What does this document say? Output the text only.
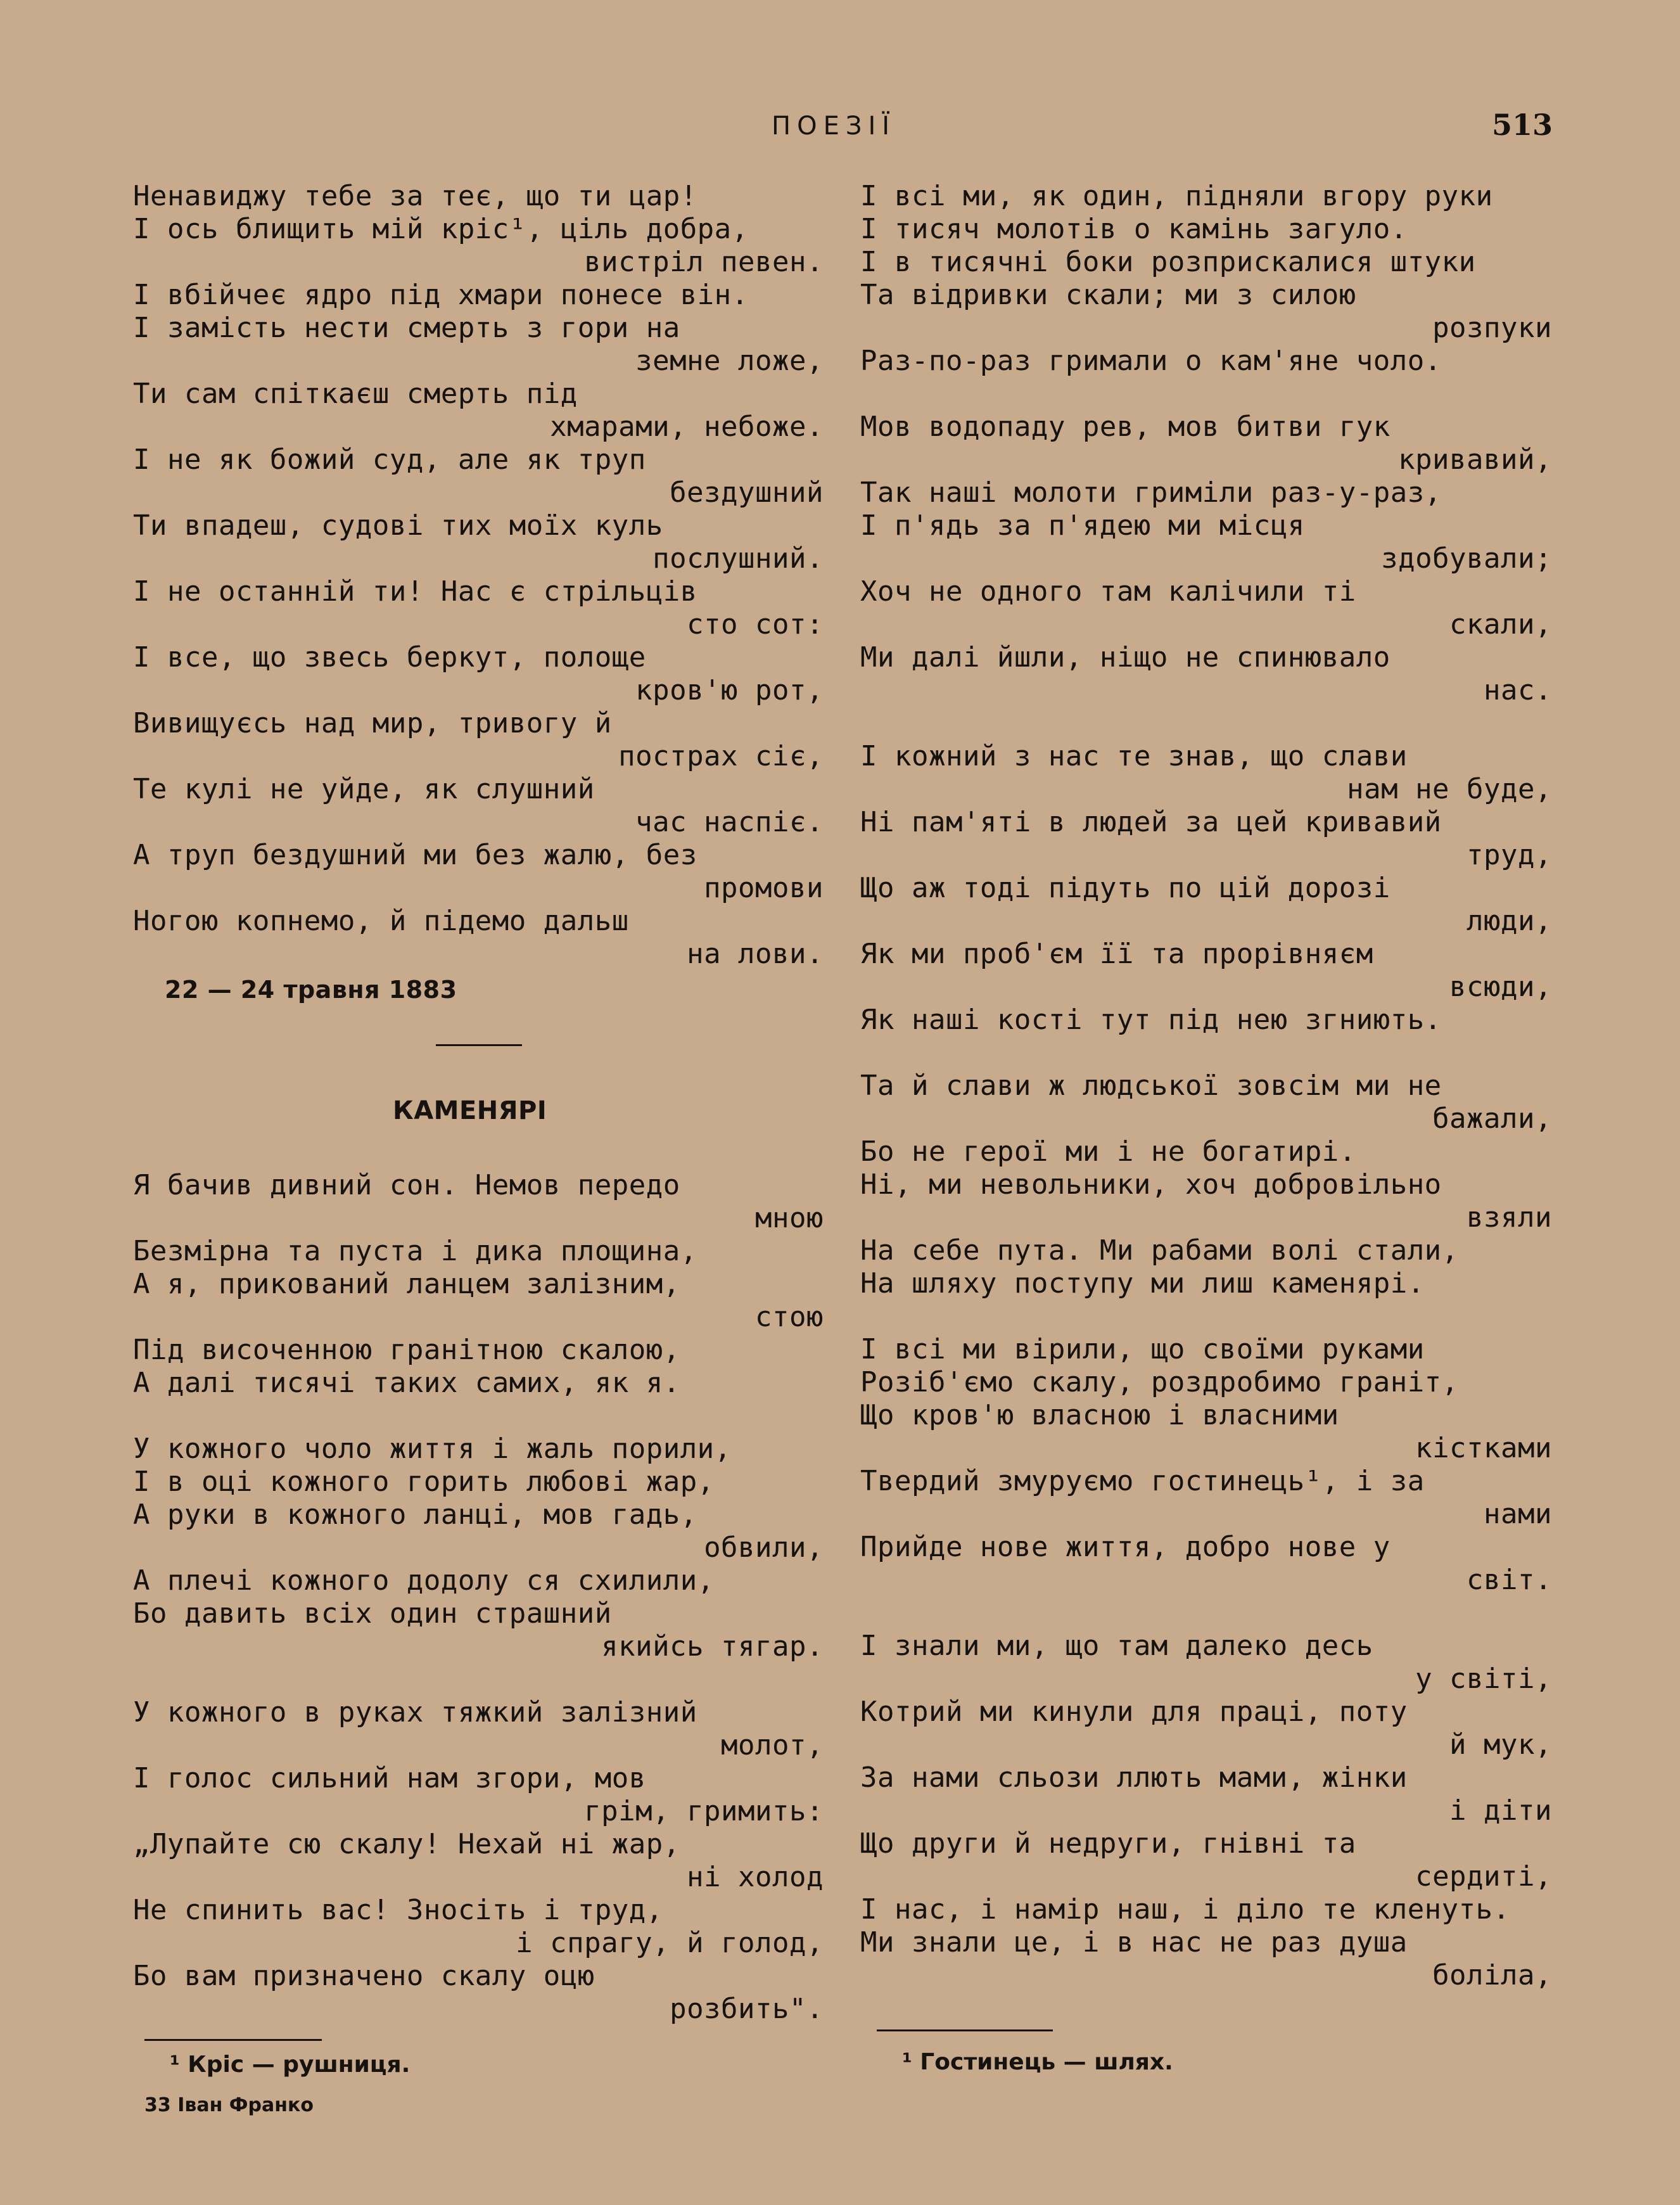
ПОЕЗІЇ	513
Ненавиджу тебе за теє, що ти цар!
І ось блищить мій кріс¹, ціль добра,
вистріл певен.
І вбійчеє ядро під хмари понесе він.
І замість нести смерть з гори на
земне ложе,
Ти сам спіткаєш смерть під
хмарами, небоже.
І не як божий суд, але як труп
бездушний
Ти впадеш, судові тих моїх куль
послушний.
І не останній ти! Нас є стрільців
сто сот:
І все, що звесь беркут, полоще
кров'ю рот,
Вивищуєсь над мир, тривогу й
пострах сіє,
Те кулі не уйде, як слушний
час наспіє.
А труп бездушний ми без жалю, без
промови
Ногою копнемо, й підемо дальш
на лови.
22 — 24 травня 1883
КАМЕНЯРІ
Я бачив дивний сон. Немов передо
мною
Безмірна та пуста і дика площина,
А я, прикований ланцем залізним,
стою
Під височенною гранітною скалою,
А далі тисячі таких самих, як я.
У кожного чоло життя і жаль порили,
І в оці кожного горить любові жар,
А руки в кожного ланці, мов гадь,
обвили,
А плечі кожного додолу ся схилили,
Бо давить всіх один страшний
якийсь тягар.
У кожного в руках тяжкий залізний
молот,
І голос сильний нам згори, мов
грім, гримить:
„Лупайте сю скалу! Нехай ні жар,
ні холод
Не спинить вас! Зносіть і труд,
і спрагу, й голод,
Бо вам призначено скалу оцю
розбить".
І всі ми, як один, підняли вгору руки
І тисяч молотів о камінь загуло.
І в тисячні боки розприскалися штуки
Та відривки скали; ми з силою
розпуки
Раз-по-раз гримали о кам'яне чоло.
Мов водопаду рев, мов битви гук
кривавий,
Так наші молоти гриміли раз-у-раз,
І п'ядь за п'ядею ми місця
здобували;
Хоч не одного там калічили ті
скали,
Ми далі йшли, ніщо не спинювало
нас.
І кожний з нас те знав, що слави
нам не буде,
Ні пам'яті в людей за цей кривавий
труд,
Що аж тоді підуть по цій дорозі
люди,
Як ми проб'єм її та прорівняєм
всюди,
Як наші кості тут під нею згниють.
Та й слави ж людської зовсім ми не
бажали,
Бо не герої ми і не богатирі.
Ні, ми невольники, хоч добровільно
взяли
На себе пута. Ми рабами волі стали,
На шляху поступу ми лиш каменярі.
І всі ми вірили, що своїми руками
Розіб'ємо скалу, роздробимо граніт,
Що кров'ю власною і власними
кістками
Твердий змуруємо гостинець¹, і за
нами
Прийде нове життя, добро нове у
світ.
І знали ми, що там далеко десь
у світі,
Котрий ми кинули для праці, поту
й мук,
За нами сльози ллють мами, жінки
і діти
Що други й недруги, гнівні та
сердиті,
І нас, і намір наш, і діло те кленуть.
Ми знали це, і в нас не раз душа
боліла,
¹ Кріс — рушниця.
33 Іван Франко
¹ Гостинець — шлях.
